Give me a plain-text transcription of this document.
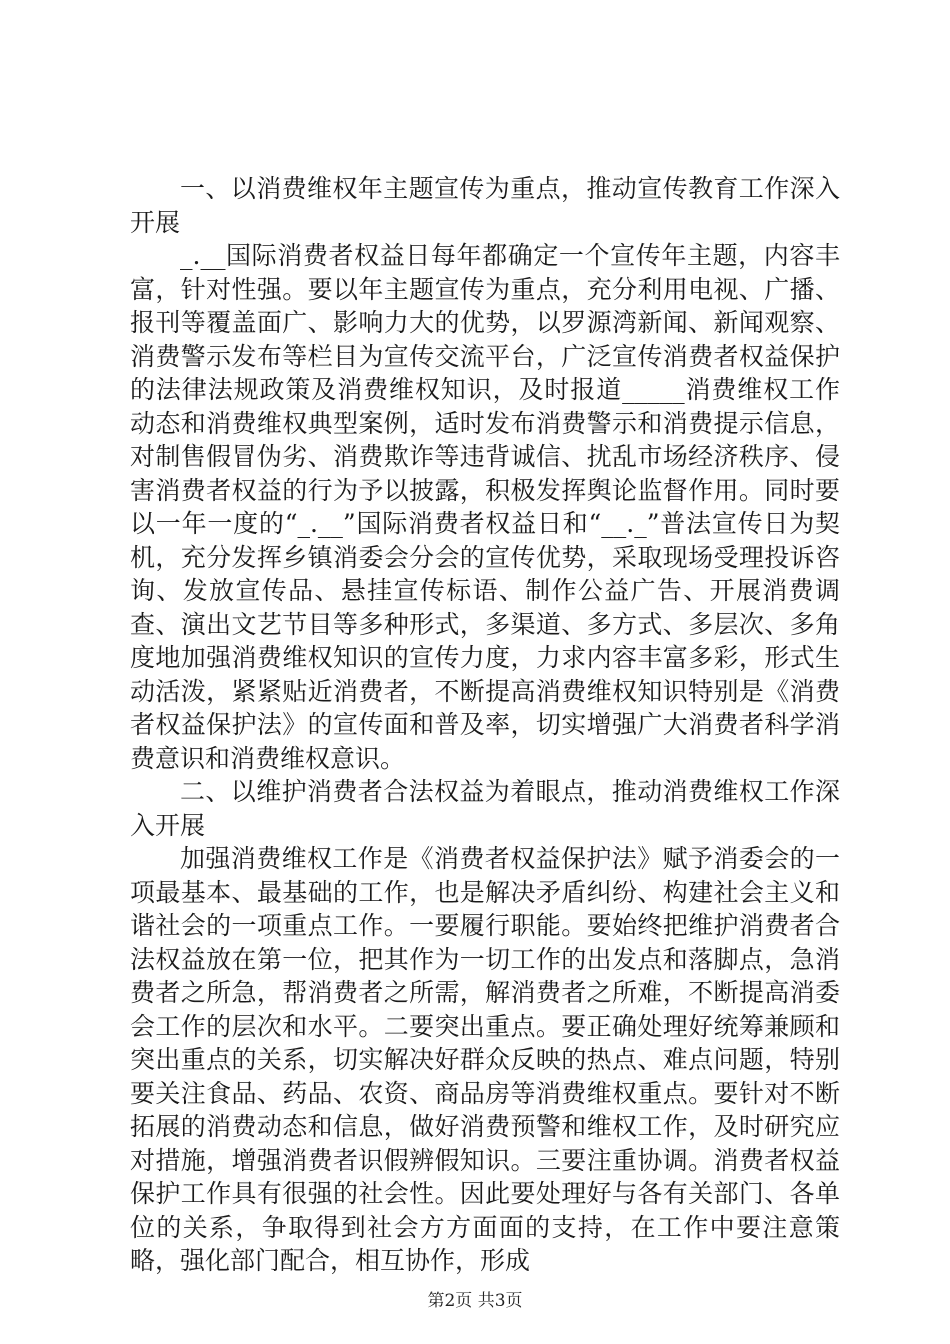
一、以消费维权年主题宣传为重点，推动宣传教育工作深入开展

_.__国际消费者权益日每年都确定一个宣传年主题，内容丰富，针对性强。要以年主题宣传为重点，充分利用电视、广播、报刊等覆盖面广、影响力大的优势，以罗源湾新闻、新闻观察、消费警示发布等栏目为宣传交流平台，广泛宣传消费者权益保护的法律法规政策及消费维权知识，及时报道_____消费维权工作动态和消费维权典型案例，适时发布消费警示和消费提示信息，对制售假冒伪劣、消费欺诈等违背诚信、扰乱市场经济秩序、侵害消费者权益的行为予以披露，积极发挥舆论监督作用。同时要以一年一度的“_.__”国际消费者权益日和“__._”普法宣传日为契机，充分发挥乡镇消委会分会的宣传优势，采取现场受理投诉咨询、发放宣传品、悬挂宣传标语、制作公益广告、开展消费调查、演出文艺节目等多种形式，多渠道、多方式、多层次、多角度地加强消费维权知识的宣传力度，力求内容丰富多彩，形式生动活泼，紧紧贴近消费者，不断提高消费维权知识特别是《消费者权益保护法》的宣传面和普及率，切实增强广大消费者科学消费意识和消费维权意识。

二、以维护消费者合法权益为着眼点，推动消费维权工作深入开展

加强消费维权工作是《消费者权益保护法》赋予消委会的一项最基本、最基础的工作，也是解决矛盾纠纷、构建社会主义和谐社会的一项重点工作。一要履行职能。要始终把维护消费者合法权益放在第一位，把其作为一切工作的出发点和落脚点，急消费者之所急，帮消费者之所需，解消费者之所难，不断提高消委会工作的层次和水平。二要突出重点。要正确处理好统筹兼顾和突出重点的关系，切实解决好群众反映的热点、难点问题，特别要关注食品、药品、农资、商品房等消费维权重点。要针对不断拓展的消费动态和信息，做好消费预警和维权工作，及时研究应对措施，增强消费者识假辨假知识。三要注重协调。消费者权益保护工作具有很强的社会性。因此要处理好与各有关部门、各单位的关系，争取得到社会方方面面的支持，在工作中要注意策略，强化部门配合，相互协作，形成

第2页 共3页
